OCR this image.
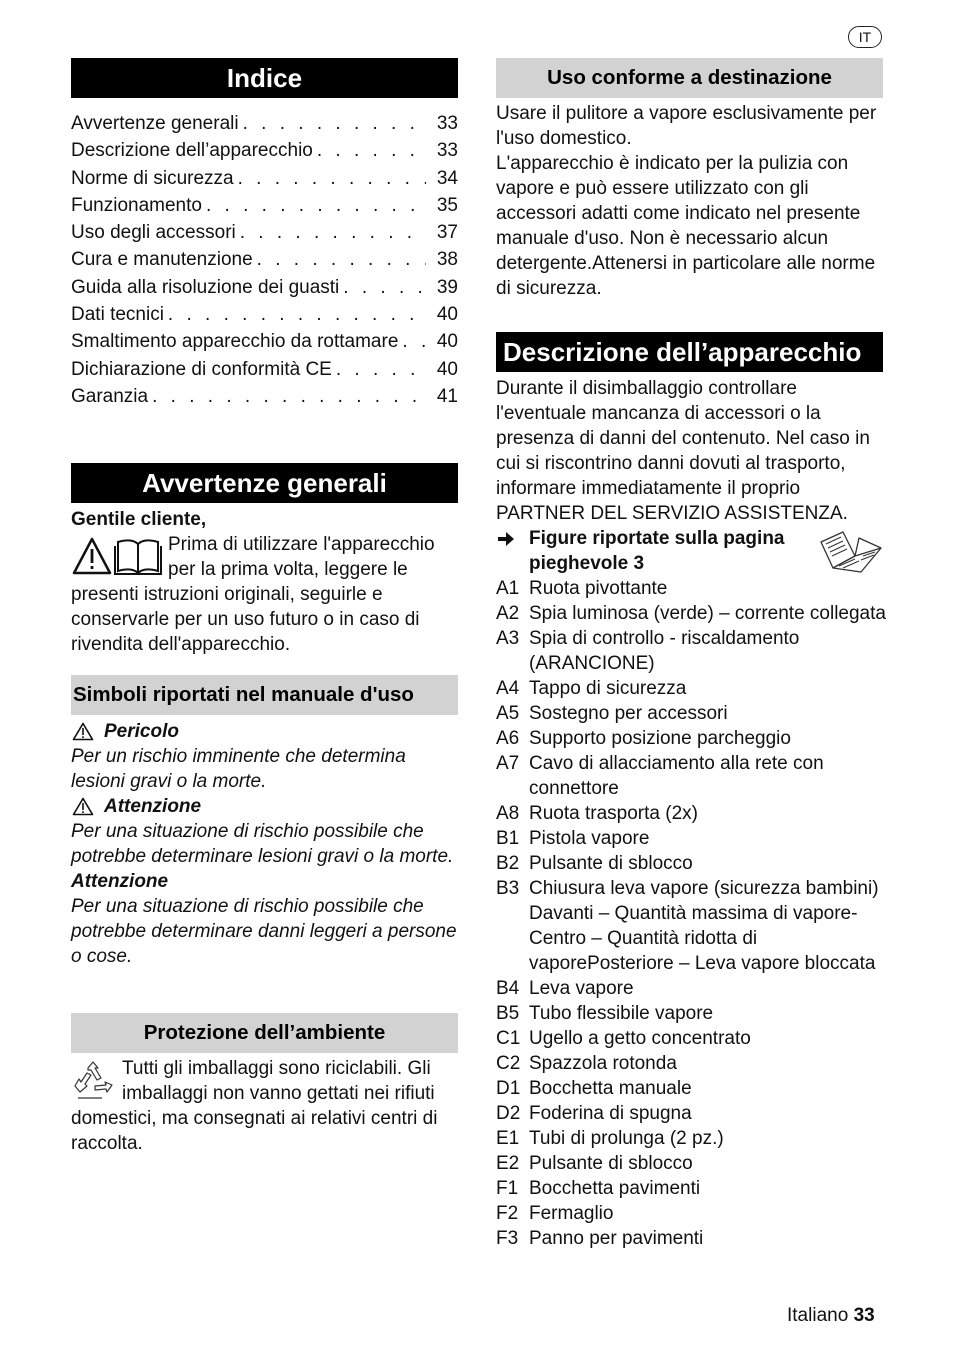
IT
Indice
Avvertenze generali . . .	33
Descrizione dell’apparecchio . . .	33
Norme di sicurezza . . .	34
Funzionamento . . .	35
Uso degli accessori . . .	37
Cura e manutenzione . . .	38
Guida alla risoluzione dei guasti . . .	39
Dati tecnici . . .	40
Smaltimento apparecchio da rottamare . . .	40
Dichiarazione di conformità CE . . .	40
Garanzia . . .	41
Avvertenze generali
Gentile cliente,
Prima di utilizzare l'apparecchio
per la prima volta, leggere le
presenti istruzioni originali, seguirle e conservarle per un uso futuro o in caso di rivendita dell'apparecchio.
Simboli riportati nel manuale d'uso
Pericolo
Per un rischio imminente che determina lesioni gravi o la morte.
Attenzione
Per una situazione di rischio possibile che potrebbe determinare lesioni gravi o la morte.
Attenzione
Per una situazione di rischio possibile che potrebbe determinare danni leggeri a persone o cose.
Protezione dell’ambiente
Tutti gli imballaggi sono riciclabili. Gli
imballaggi non vanno gettati nei rifiuti
domestici, ma consegnati ai relativi centri di raccolta.
Uso conforme a destinazione
Usare il pulitore a vapore esclusivamente per l'uso domestico.
L'apparecchio è indicato per la pulizia con vapore e può essere utilizzato con gli accessori adatti come indicato nel presente manuale d'uso. Non è necessario alcun detergente.Attenersi in particolare alle norme di sicurezza.
Descrizione dell’apparecchio
Durante il disimballaggio controllare l'eventuale mancanza di accessori o la presenza di danni del contenuto. Nel caso in cui si riscontrino danni dovuti al trasporto, informare immediatamente il proprio PARTNER DEL SERVIZIO ASSISTENZA.
Figure riportate sulla pagina
pieghevole 3
A1 Ruota pivottante
A2 Spia luminosa (verde) – corrente collegata
A3 Spia di controllo - riscaldamento (ARANCIONE)
A4 Tappo di sicurezza
A5 Sostegno per accessori
A6 Supporto posizione parcheggio
A7 Cavo di allacciamento alla rete con connettore
A8 Ruota trasporta (2x)
B1 Pistola vapore
B2 Pulsante di sblocco
B3 Chiusura leva vapore (sicurezza bambini) Davanti – Quantità massima di vapore-Centro – Quantità ridotta di vaporePosteriore – Leva vapore bloccata
B4 Leva vapore
B5 Tubo flessibile vapore
C1 Ugello a getto concentrato
C2 Spazzola rotonda
D1 Bocchetta manuale
D2 Foderina di spugna
E1 Tubi di prolunga (2 pz.)
E2 Pulsante di sblocco
F1 Bocchetta pavimenti
F2 Fermaglio
F3 Panno per pavimenti
Italiano 33
